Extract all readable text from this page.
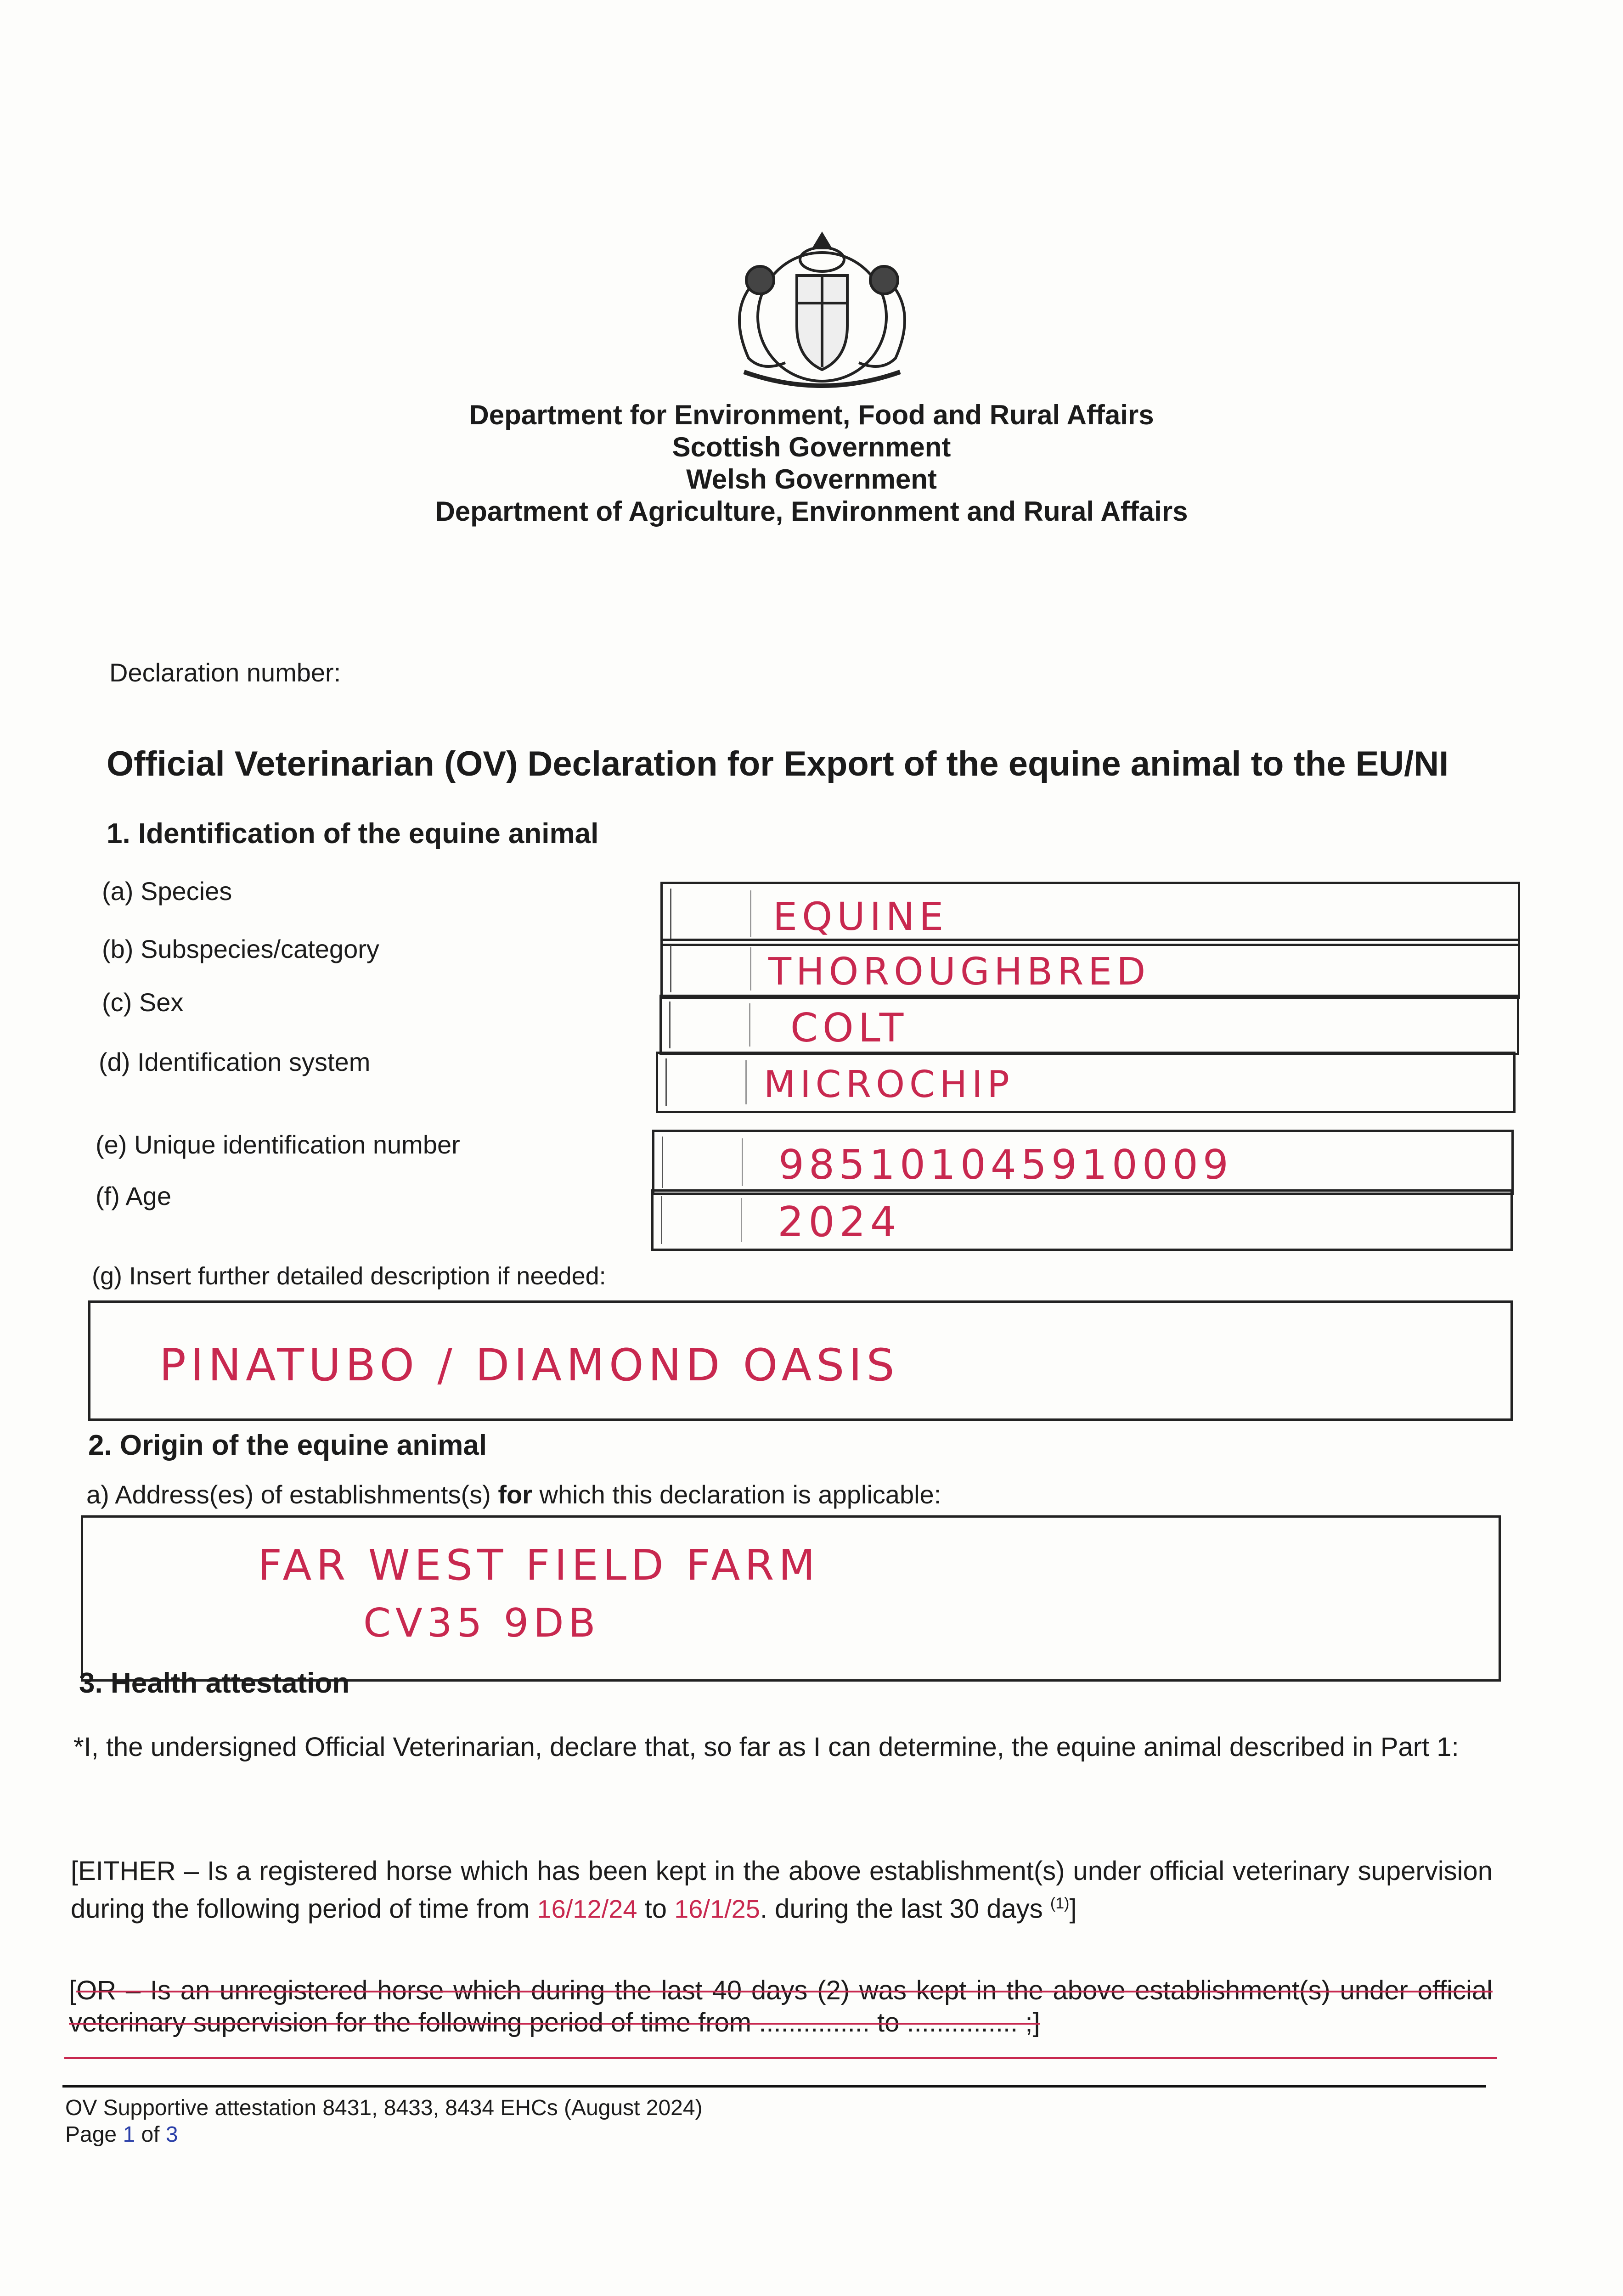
Department for Environment, Food and Rural Affairs
Scottish Government
Welsh Government
Department of Agriculture, Environment and Rural Affairs
Declaration number:
Official Veterinarian (OV) Declaration for Export of the equine animal to the EU/NI
1. Identification of the equine animal
(a) Species
EQUINE
(b) Subspecies/category
THOROUGHBRED
(c) Sex
COLT
(d) Identification system
MICROCHIP
(e) Unique identification number	985101045910009
(f) Age
2024
(g) Insert further detailed description if needed:
PINATUBO / DIAMOND OASIS
2. Origin of the equine animal
a) Address(es) of establishments(s) for which this declaration is applicable:
FAR WEST FIELD FARM
CV35 9DB
3. Health attestation
*I, the undersigned Official Veterinarian, declare that, so far as I can determine, the equine animal described in Part 1:
[EITHER – Is a registered horse which has been kept in the above establishment(s) under official veterinary supervision during the following period of time from 16/12/24 to 16/1/25. during the last 30 days $^{(1)}$]
[OR – Is an unregistered horse which during the last 40 days (2) was kept in the above establishment(s) under official veterinary supervision for the following period of time from ............... to ............... ;]
OV Supportive attestation 8431, 8433, 8434 EHCs (August 2024)
Page 1 of 3
